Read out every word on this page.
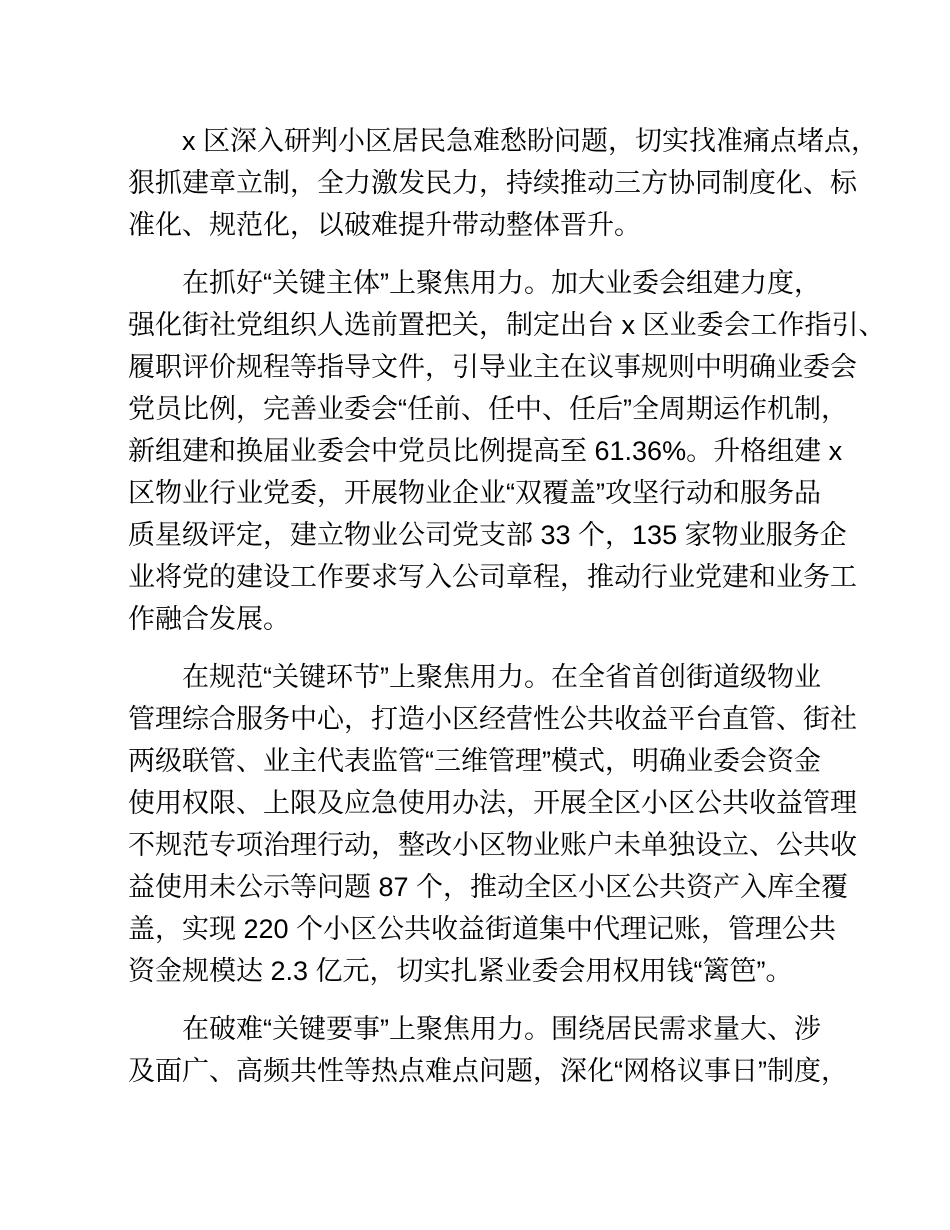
x 区深入研判小区居民急难愁盼问题，切实找准痛点堵点，
狠抓建章立制，全力激发民力，持续推动三方协同制度化、标
准化、规范化，以破难提升带动整体晋升。
在抓好“关键主体”上聚焦用力。加大业委会组建力度，
强化街社党组织人选前置把关，制定出台 x 区业委会工作指引、
履职评价规程等指导文件，引导业主在议事规则中明确业委会
党员比例，完善业委会“任前、任中、任后”全周期运作机制，
新组建和换届业委会中党员比例提高至 61.36%。升格组建 x
区物业行业党委，开展物业企业“双覆盖”攻坚行动和服务品
质星级评定，建立物业公司党支部 33 个，135 家物业服务企
业将党的建设工作要求写入公司章程，推动行业党建和业务工
作融合发展。
在规范“关键环节”上聚焦用力。在全省首创街道级物业
管理综合服务中心，打造小区经营性公共收益平台直管、街社
两级联管、业主代表监管“三维管理”模式，明确业委会资金
使用权限、上限及应急使用办法，开展全区小区公共收益管理
不规范专项治理行动，整改小区物业账户未单独设立、公共收
益使用未公示等问题 87 个，推动全区小区公共资产入库全覆
盖，实现 220 个小区公共收益街道集中代理记账，管理公共
资金规模达 2.3 亿元，切实扎紧业委会用权用钱“篱笆”。
在破难“关键要事”上聚焦用力。围绕居民需求量大、涉
及面广、高频共性等热点难点问题，深化“网格议事日”制度，
